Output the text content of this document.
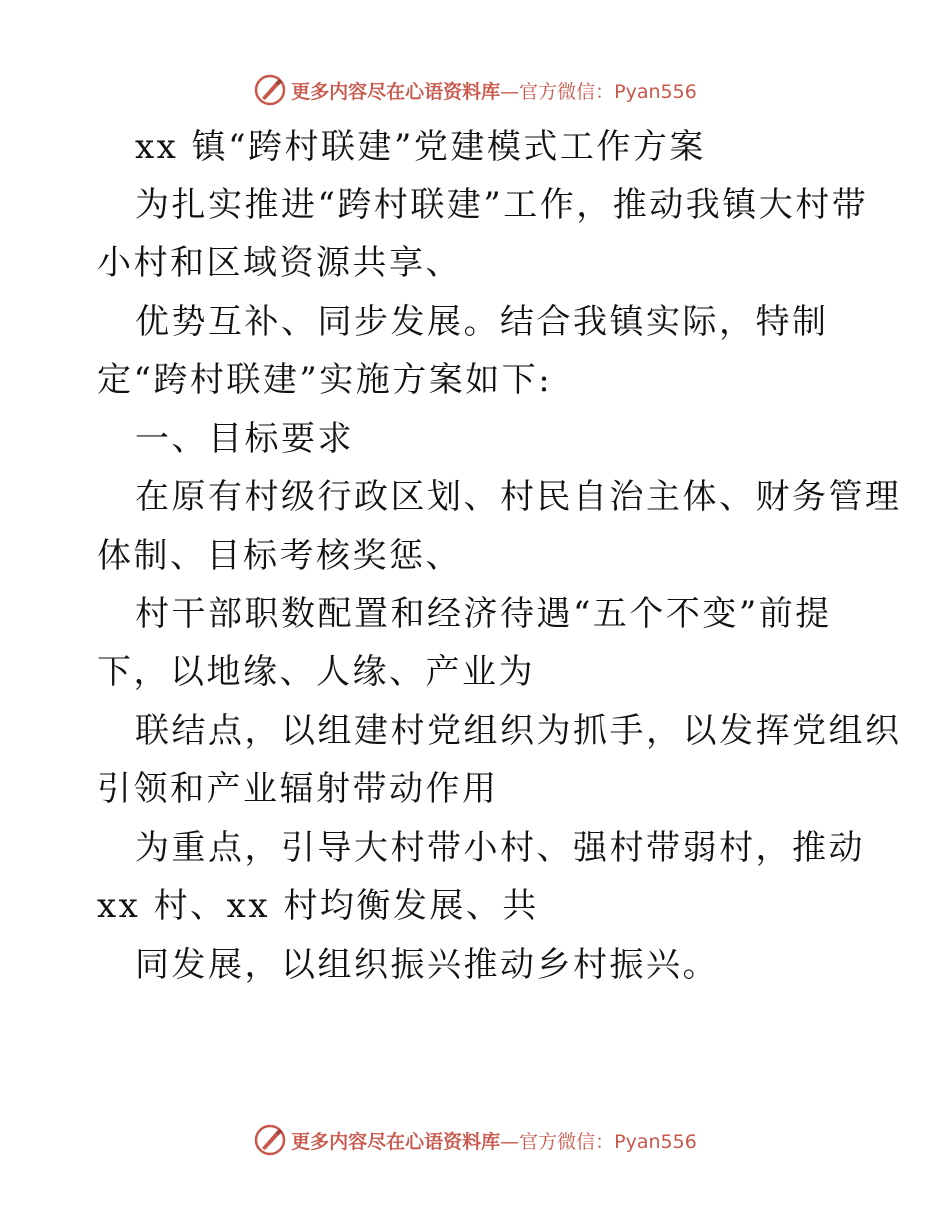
更多内容尽在心语资料库—官方微信：Pyan556
xx 镇“跨村联建”党建模式工作方案
为扎实推进“跨村联建”工作，推动我镇大村带
小村和区域资源共享、
优势互补、同步发展。结合我镇实际，特制
定“跨村联建”实施方案如下:
一、目标要求
在原有村级行政区划、村民自治主体、财务管理
体制、目标考核奖惩、
村干部职数配置和经济待遇“五个不变”前提
下，以地缘、人缘、产业为
联结点，以组建村党组织为抓手，以发挥党组织
引领和产业辐射带动作用
为重点，引导大村带小村、强村带弱村，推动
xx 村、xx 村均衡发展、共
同发展，以组织振兴推动乡村振兴。
更多内容尽在心语资料库—官方微信：Pyan556
